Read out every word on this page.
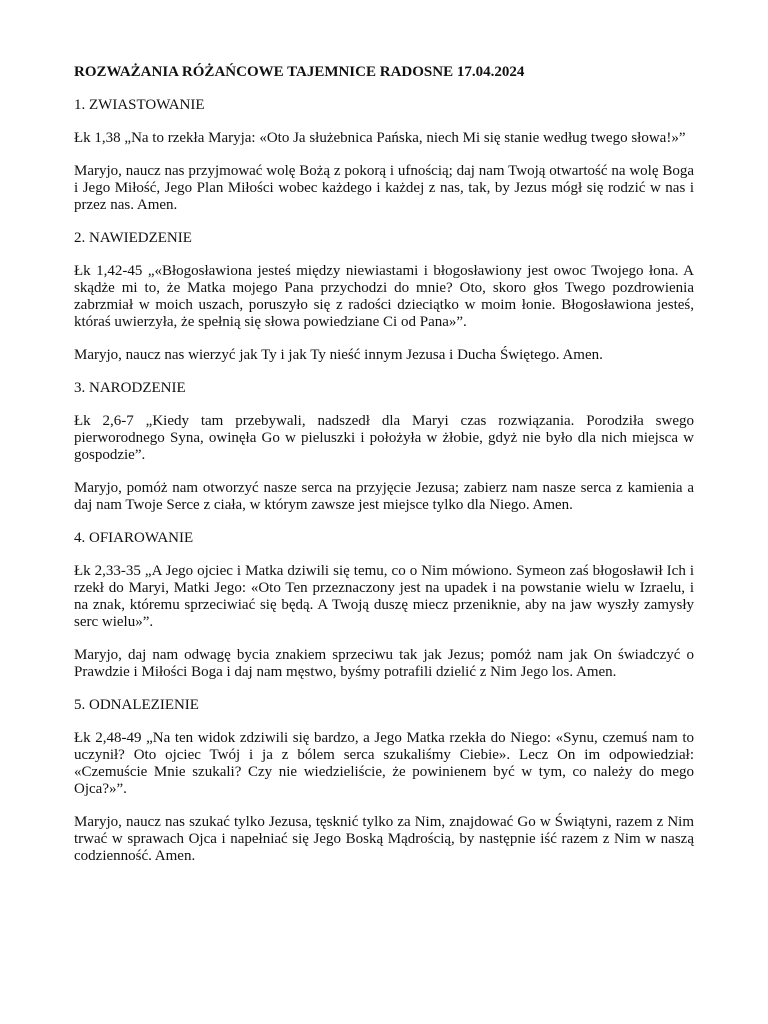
ROZWAŻANIA RÓŻAŃCOWE TAJEMNICE RADOSNE 17.04.2024

1. ZWIASTOWANIE

Łk 1,38 „Na to rzekła Maryja: «Oto Ja służebnica Pańska, niech Mi się stanie według twego słowa!»”

Maryjo, naucz nas przyjmować wolę Bożą z pokorą i ufnością; daj nam Twoją otwartość na wolę Boga i Jego Miłość, Jego Plan Miłości wobec każdego i każdej z nas, tak, by Jezus mógł się rodzić w nas i przez nas. Amen.

2. NAWIEDZENIE

Łk 1,42-45 „«Błogosławiona jesteś między niewiastami i błogosławiony jest owoc Twojego łona. A skądże mi to, że Matka mojego Pana przychodzi do mnie? Oto, skoro głos Twego pozdrowienia zabrzmiał w moich uszach, poruszyło się z radości dzieciątko w moim łonie. Błogosławiona jesteś, któraś uwierzyła, że spełnią się słowa powiedziane Ci od Pana»”.

Maryjo, naucz nas wierzyć jak Ty i jak Ty nieść innym Jezusa i Ducha Świętego. Amen.

3. NARODZENIE

Łk 2,6-7 „Kiedy tam przebywali, nadszedł dla Maryi czas rozwiązania. Porodziła swego pierworodnego Syna, owinęła Go w pieluszki i położyła w żłobie, gdyż nie było dla nich miejsca w gospodzie”.

Maryjo, pomóż nam otworzyć nasze serca na przyjęcie Jezusa; zabierz nam nasze serca z kamienia a daj nam Twoje Serce z ciała, w którym zawsze jest miejsce tylko dla Niego. Amen.

4. OFIAROWANIE

Łk 2,33-35 „A Jego ojciec i Matka dziwili się temu, co o Nim mówiono. Symeon zaś błogosławił Ich i rzekł do Maryi, Matki Jego: «Oto Ten przeznaczony jest na upadek i na powstanie wielu w Izraelu, i na znak, któremu sprzeciwiać się będą. A Twoją duszę miecz przeniknie, aby na jaw wyszły zamysły serc wielu»”.

Maryjo, daj nam odwagę bycia znakiem sprzeciwu tak jak Jezus; pomóż nam jak On świadczyć o Prawdzie i Miłości Boga i daj nam męstwo, byśmy potrafili dzielić z Nim Jego los. Amen.

5. ODNALEZIENIE

Łk 2,48-49 „Na ten widok zdziwili się bardzo, a Jego Matka rzekła do Niego: «Synu, czemuś nam to uczynił? Oto ojciec Twój i ja z bólem serca szukaliśmy Ciebie». Lecz On im odpowiedział: «Czemuście Mnie szukali? Czy nie wiedzieliście, że powinienem być w tym, co należy do mego Ojca?»”.

Maryjo, naucz nas szukać tylko Jezusa, tęsknić tylko za Nim, znajdować Go w Świątyni, razem z Nim trwać w sprawach Ojca i napełniać się Jego Boską Mądrością, by następnie iść razem z Nim w naszą codzienność. Amen.
